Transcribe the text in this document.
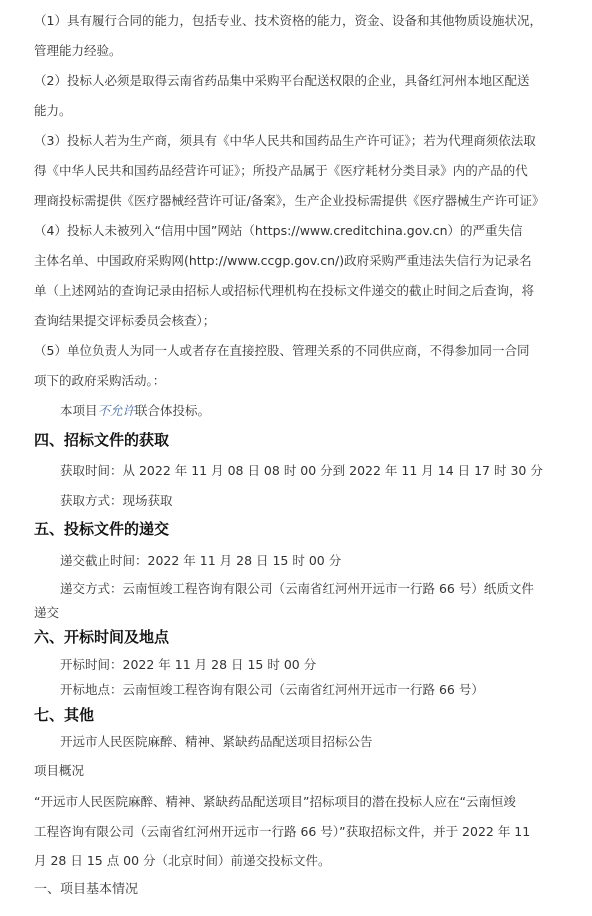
（1）具有履行合同的能力，包括专业、技术资格的能力，资金、设备和其他物质设施状况，
管理能力经验。
（2）投标人必须是取得云南省药品集中采购平台配送权限的企业，具备红河州本地区配送
能力。
（3）投标人若为生产商，须具有《中华人民共和国药品生产许可证》；若为代理商须依法取
得《中华人民共和国药品经营许可证》；所投产品属于《医疗耗材分类目录》内的产品的代
理商投标需提供《医疗器械经营许可证/备案》，生产企业投标需提供《医疗器械生产许可证》
（4）投标人未被列入“信用中国”网站（https://www.creditchina.gov.cn）的严重失信
主体名单、中国政府采购网(http://www.ccgp.gov.cn/)政府采购严重违法失信行为记录名
单（上述网站的查询记录由招标人或招标代理机构在投标文件递交的截止时间之后查询，将
查询结果提交评标委员会核查）；
（5）单位负责人为同一人或者存在直接控股、管理关系的不同供应商，不得参加同一合同
项下的政府采购活动。：
本项目不允许联合体投标。
四、招标文件的获取
获取时间：从 2022 年 11 月 08 日 08 时 00 分到 2022 年 11 月 14 日 17 时 30 分
获取方式：现场获取
五、投标文件的递交
递交截止时间：2022 年 11 月 28 日 15 时 00 分
递交方式：云南恒竣工程咨询有限公司（云南省红河州开远市一行路 66 号）纸质文件
递交
六、开标时间及地点
开标时间：2022 年 11 月 28 日 15 时 00 分
开标地点：云南恒竣工程咨询有限公司（云南省红河州开远市一行路 66 号）
七、其他
开远市人民医院麻醉、精神、紧缺药品配送项目招标公告
项目概况
“开远市人民医院麻醉、精神、紧缺药品配送项目”招标项目的潜在投标人应在“云南恒竣
工程咨询有限公司（云南省红河州开远市一行路 66 号）”获取招标文件，并于 2022 年 11
月 28 日 15 点 00 分（北京时间）前递交投标文件。
一、项目基本情况
